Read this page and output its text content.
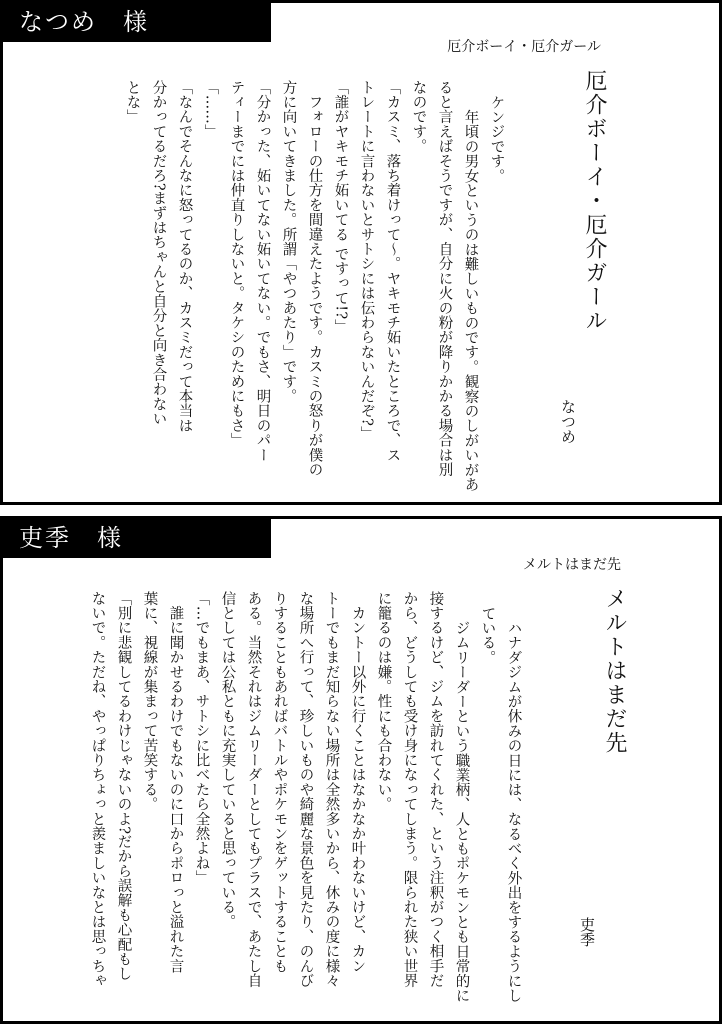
なつめ　様
厄介ボーイ・厄介ガール
厄介ボーイ・厄介ガール
なつめ
ケンジです。
　年頃の男女というのは難しいものです。観察のしがいがあ
ると言えばそうですが、自分に火の粉が降りかかる場合は別
なのです。
「カスミ、落ち着けって〜。ヤキモチ妬いたところで、ス
トレートに言わないとサトシには伝わらないんだぞ?」
「誰がヤキモチ妬いてる ですって!?」
　フォローの仕方を間違えたようです。カスミの怒りが僕の
方に向いてきました。所謂「やつあたり」です。
「分かった、妬いてない妬いてない。でもさ、明日のパー
ティーまでには仲直りしないと。タケシのためにもさ」
「……」
「なんでそんなに怒ってるのか、カスミだって本当は
分かってるだろ?まずはちゃんと自分と向き合わない
とな」
吏季　様
メルトはまだ先
メルトはまだ先
吏季
　ハナダジムが休みの日には、なるべく外出をするようにし
ている。
　ジムリーダーという職業柄、人ともポケモンとも日常的に
接するけど、ジムを訪れてくれた、という注釈がつく相手だ
から、どうしても受け身になってしまう。限られた狭い世界
に籠るのは嫌。性にも合わない。
　カントー以外に行くことはなかなか叶わないけど、カン
トーでもまだ知らない場所は全然多いから、休みの度に様々
な場所へ行って、珍しいものや綺麗な景色を見たり、のんび
りすることもあればバトルやポケモンをゲットすることも
ある。当然それはジムリーダーとしてもプラスで、あたし自
信としては公私ともに充実していると思っている。
「…でもまあ、サトシに比べたら全然よね」
　誰に聞かせるわけでもないのに口からポロっと溢れた言
葉に、視線が集まって苦笑する。
「別に悲観してるわけじゃないのよ?だから誤解も心配もし
ないで。ただね、やっぱりちょっと羨ましいなとは思っちゃ
